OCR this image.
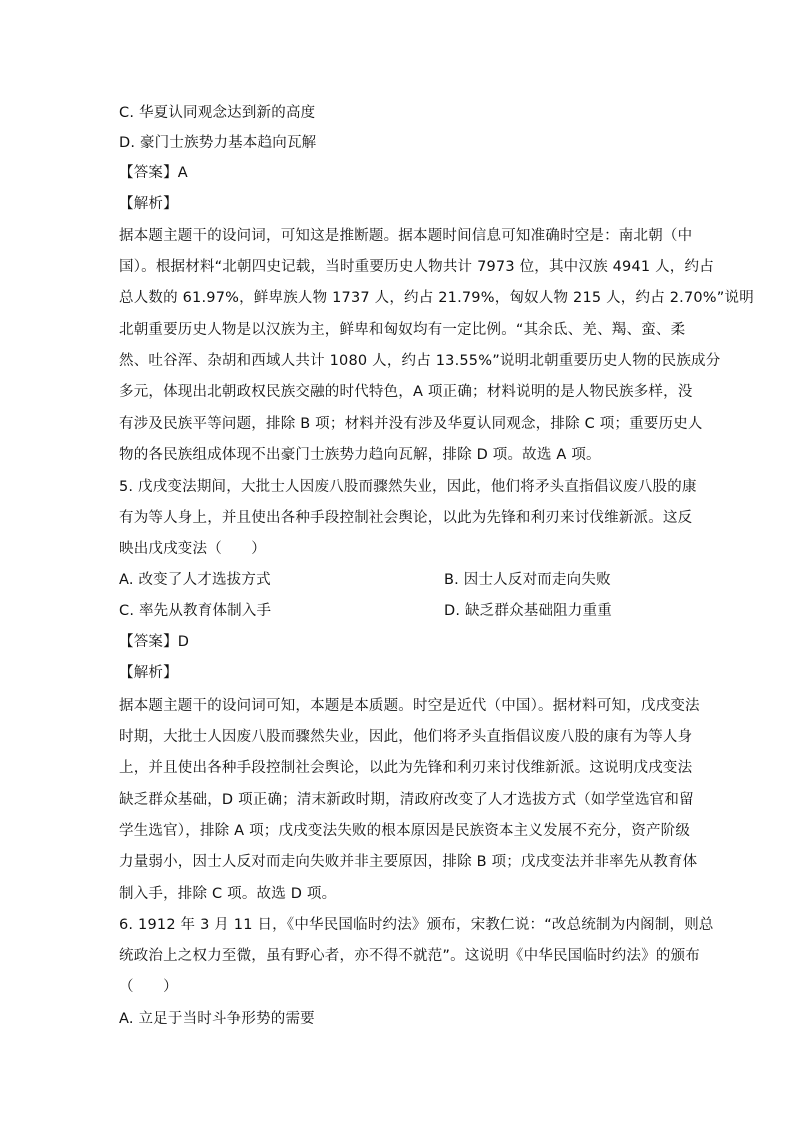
C. 华夏认同观念达到新的高度
D. 豪门士族势力基本趋向瓦解
【答案】A
【解析】
据本题主题干的设问词，可知这是推断题。据本题时间信息可知准确时空是：南北朝（中
国）。根据材料“北朝四史记载，当时重要历史人物共计 7973 位，其中汉族 4941 人，约占
总人数的 61.97%，鲜卑族人物 1737 人，约占 21.79%，匈奴人物 215 人，约占 2.70%”说明
北朝重要历史人物是以汉族为主，鲜卑和匈奴均有一定比例。“其余氐、羌、羯、蛮、柔
然、吐谷浑、杂胡和西域人共计 1080 人，约占 13.55%”说明北朝重要历史人物的民族成分
多元，体现出北朝政权民族交融的时代特色，A 项正确；材料说明的是人物民族多样，没
有涉及民族平等问题，排除 B 项；材料并没有涉及华夏认同观念，排除 C 项；重要历史人
物的各民族组成体现不出豪门士族势力趋向瓦解，排除 D 项。故选 A 项。
5. 戊戌变法期间，大批士人因废八股而骤然失业，因此，他们将矛头直指倡议废八股的康
有为等人身上，并且使出各种手段控制社会舆论，以此为先锋和利刃来讨伐维新派。这反
映出戊戌变法（　　）
A. 改变了人才选拔方式	B. 因士人反对而走向失败
C. 率先从教育体制入手	D. 缺乏群众基础阻力重重
【答案】D
【解析】
据本题主题干的设问词可知，本题是本质题。时空是近代（中国）。据材料可知，戊戌变法
时期，大批士人因废八股而骤然失业，因此，他们将矛头直指倡议废八股的康有为等人身
上，并且使出各种手段控制社会舆论，以此为先锋和利刃来讨伐维新派。这说明戊戌变法
缺乏群众基础，D 项正确；清末新政时期，清政府改变了人才选拔方式（如学堂选官和留
学生选官），排除 A 项；戊戌变法失败的根本原因是民族资本主义发展不充分，资产阶级
力量弱小，因士人反对而走向失败并非主要原因，排除 B 项；戊戌变法并非率先从教育体
制入手，排除 C 项。故选 D 项。
6. 1912 年 3 月 11 日，《中华民国临时约法》颁布，宋教仁说：“改总统制为内阁制，则总
统政治上之权力至微，虽有野心者，亦不得不就范”。这说明《中华民国临时约法》的颁布
（　　）
A. 立足于当时斗争形势的需要
